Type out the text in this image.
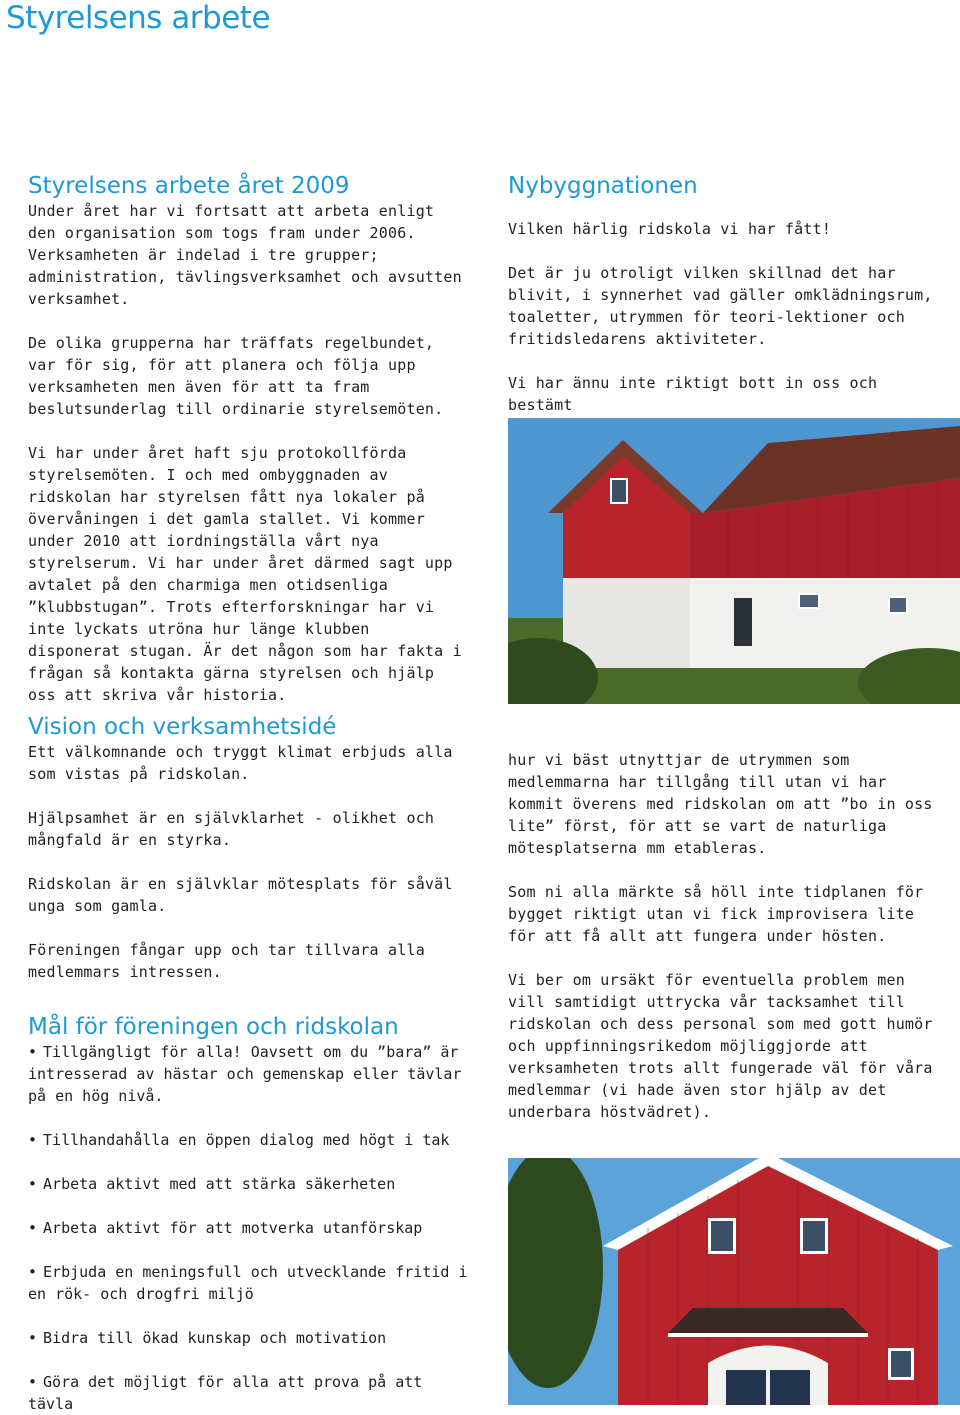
Styrelsens arbete
Styrelsens arbete året 2009

Under året har vi fortsatt att arbeta enligt den organisation som togs fram under 2006. Verksamheten är indelad i tre grupper; administration, tävlingsverksamhet och avsutten verksamhet.

De olika grupperna har träffats regelbundet, var för sig, för att planera och följa upp verksamheten men även för att ta fram beslutsunderlag till ordinarie styrelsemöten.

Vi har under året haft sju protokollförda styrelsemöten. I och med ombyggnaden av ridskolan har styrelsen fått nya lokaler på övervåningen i det gamla stallet. Vi kommer under 2010 att iordningställa vårt nya styrelserum. Vi har under året därmed sagt upp avtalet på den charmiga men otidsenliga ”klubbstugan”. Trots efterforskningar har vi inte lyckats utröna hur länge klubben disponerat stugan. Är det någon som har fakta i frågan så kontakta gärna styrelsen och hjälp oss att skriva vår historia.

Vision och verksamhetsidé

Ett välkomnande och tryggt klimat erbjuds alla som vistas på ridskolan.

Hjälpsamhet är en självklarhet - olikhet och mångfald är en styrka.

Ridskolan är en självklar mötesplats för såväl unga som gamla.

Föreningen fångar upp och tar tillvara alla medlemmars intressen.

Mål för föreningen och ridskolan
• Tillgängligt för alla! Oavsett om du ”bara” är intresserad av hästar och gemenskap eller tävlar på en hög nivå.
• Tillhandahålla en öppen dialog med högt i tak
• Arbeta aktivt med att stärka säkerheten
• Arbeta aktivt för att motverka utanförskap
• Erbjuda en meningsfull och utvecklande fritid i en rök- och drogfri miljö
• Bidra till ökad kunskap och motivation
• Göra det möjligt för alla att prova på att tävla
Nybyggnationen

Vilken härlig ridskola vi har fått!

Det är ju otroligt vilken skillnad det har blivit, i synnerhet vad gäller omklädningsrum, toaletter, utrymmen för teori-lektioner och fritidsledarens aktiviteter.

Vi har ännu inte riktigt bott in oss och bestämt

hur vi bäst utnyttjar de utrymmen som medlemmarna har tillgång till utan vi har kommit överens med ridskolan om att ”bo in oss lite” först, för att se vart de naturliga mötesplatserna mm etableras.

Som ni alla märkte så höll inte tidplanen för bygget riktigt utan vi fick improvisera lite för att få allt att fungera under hösten.

Vi ber om ursäkt för eventuella problem men vill samtidigt uttrycka vår tacksamhet till ridskolan och dess personal som med gott humör och uppfinningsrikedom möjliggjorde att verksamheten trots allt fungerade väl för våra medlemmar (vi hade även stor hjälp av det underbara höstvädret).
